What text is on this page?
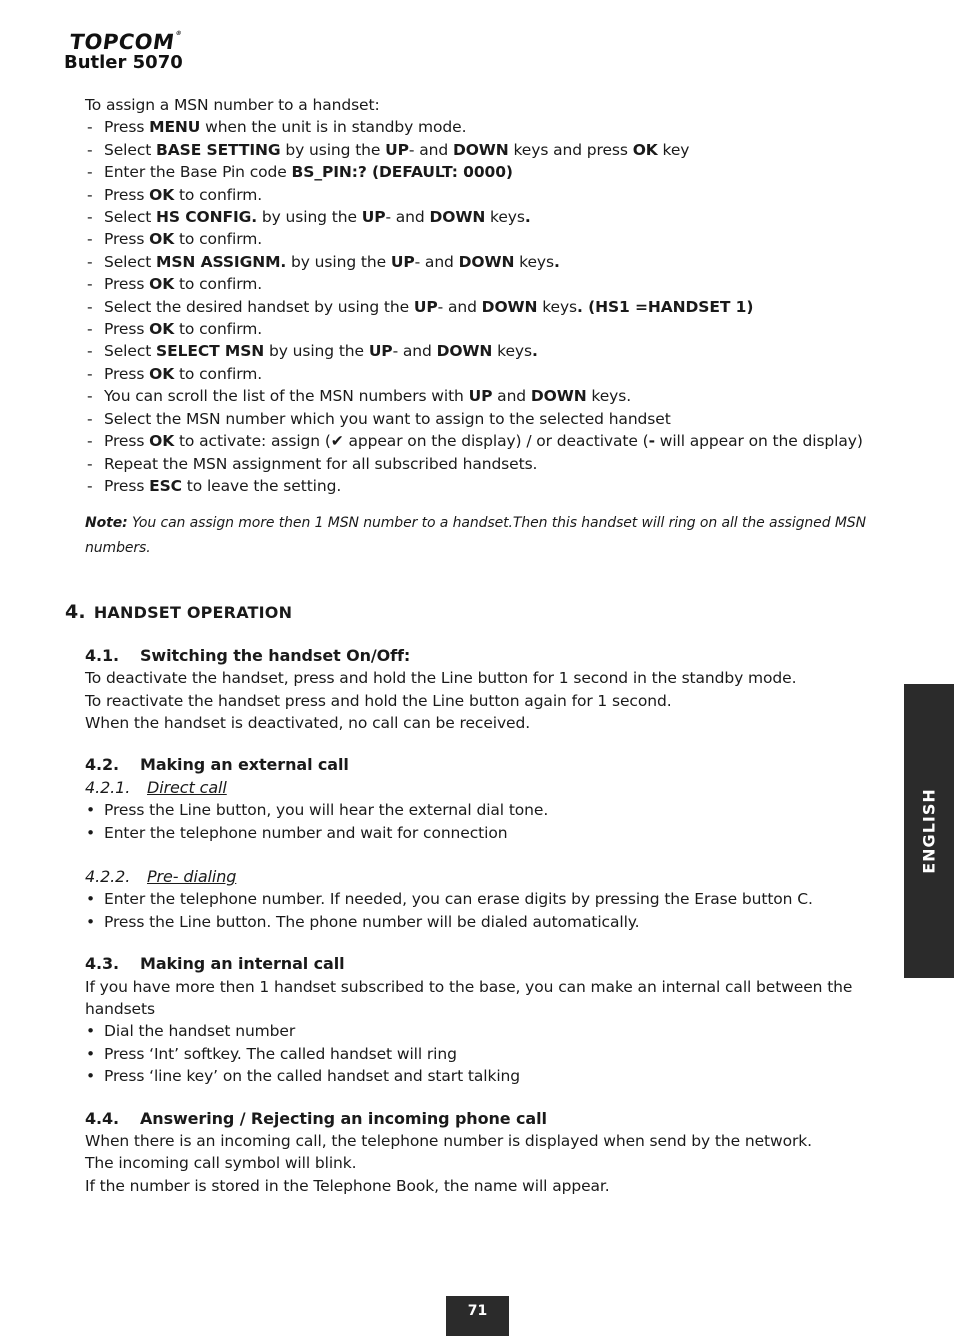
TOPCOM®
Butler 5070

To assign a MSN number to a handset:

- Press MENU when the unit is in standby mode.
- Select BASE SETTING by using the UP- and DOWN keys and press OK key
- Enter the Base Pin code BS_PIN:? (DEFAULT: 0000)
- Press OK to confirm.
- Select HS CONFIG. by using the UP- and DOWN keys.
- Press OK to confirm.
- Select MSN ASSIGNM. by using the UP- and DOWN keys.
- Press OK to confirm.
- Select the desired handset by using the UP- and DOWN keys. (HS1 =HANDSET 1)
- Press OK to confirm.
- Select SELECT MSN by using the UP- and DOWN keys.
- Press OK to confirm.
- You can scroll the list of the MSN numbers with UP and DOWN keys.
- Select the MSN number which you want to assign to the selected handset
- Press OK to activate: assign (✔ appear on the display) / or deactivate (- will appear on the display)
- Repeat the MSN assignment for all subscribed handsets.
- Press ESC to leave the setting.
Note: You can assign more then 1 MSN number to a handset.Then this handset will ring on all the assigned MSN numbers.
4. HANDSET OPERATION
4.1. Switching the handset On/Off:

To deactivate the handset, press and hold the Line button for 1 second in the standby mode.

To reactivate the handset press and hold the Line button again for 1 second.

When the handset is deactivated, no call can be received.

4.2. Making an external call
4.2.1. Direct call
• Press the Line button, you will hear the external dial tone.
• Enter the telephone number and wait for connection
4.2.2. Pre- dialing
• Enter the telephone number. If needed, you can erase digits by pressing the Erase button C.
• Press the Line button. The phone number will be dialed automatically.
4.3. Making an internal call

If you have more then 1 handset subscribed to the base, you can make an internal call between the handsets

• Dial the handset number
• Press ‘Int’ softkey. The called handset will ring
• Press ‘line key’ on the called handset and start talking
4.4. Answering / Rejecting an incoming phone call

When there is an incoming call, the telephone number is displayed when send by the network.

The incoming call symbol will blink.

If the number is stored in the Telephone Book, the name will appear.

ENGLISH
71
